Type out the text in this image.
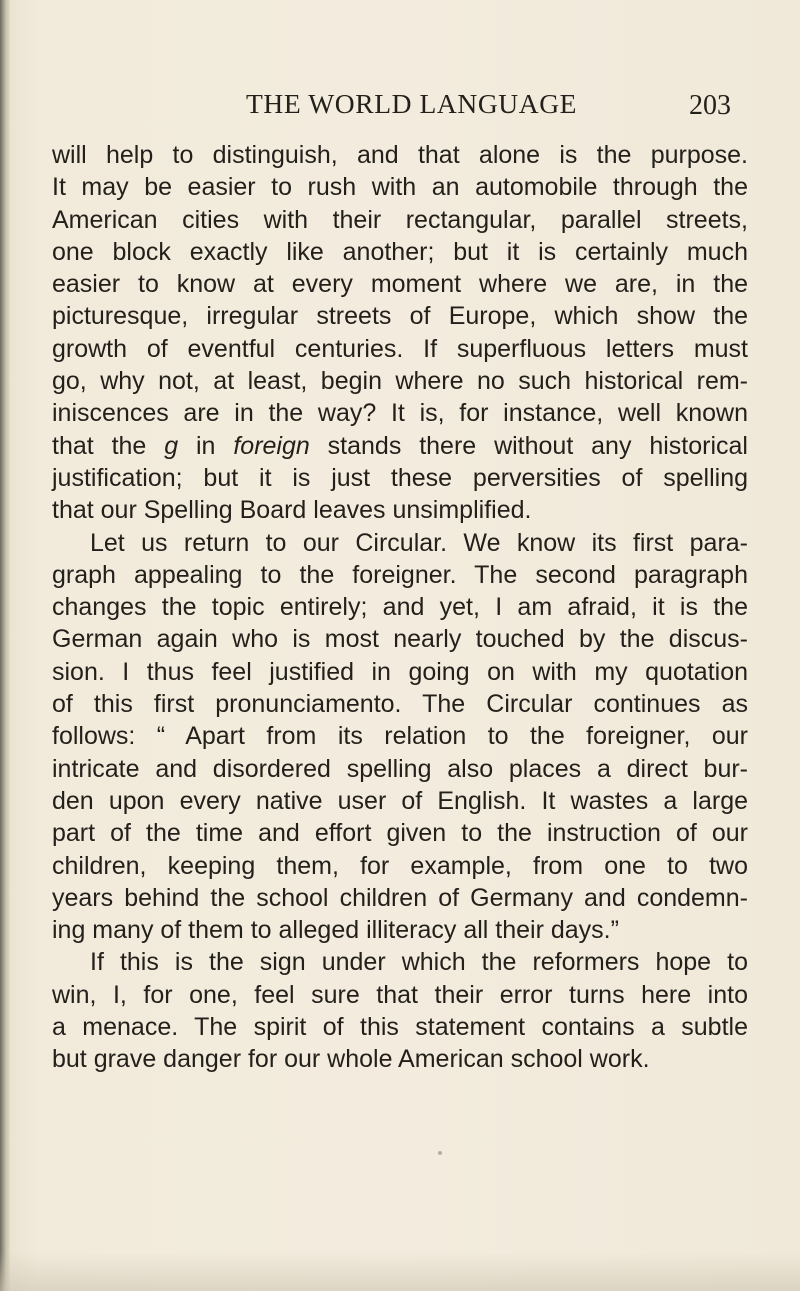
THE WORLD LANGUAGE	203
will help to distinguish, and that alone is the purpose.
It may be easier to rush with an automobile through the
American cities with their rectangular, parallel streets,
one block exactly like another; but it is certainly much
easier to know at every moment where we are, in the
picturesque, irregular streets of Europe, which show the
growth of eventful centuries. If superfluous letters must
go, why not, at least, begin where no such historical rem-
iniscences are in the way? It is, for instance, well known
that the g in foreign stands there without any historical
justification; but it is just these perversities of spelling
that our Spelling Board leaves unsimplified.
Let us return to our Circular. We know its first para-
graph appealing to the foreigner. The second paragraph
changes the topic entirely; and yet, I am afraid, it is the
German again who is most nearly touched by the discus-
sion. I thus feel justified in going on with my quotation
of this first pronunciamento. The Circular continues as
follows: “ Apart from its relation to the foreigner, our
intricate and disordered spelling also places a direct bur-
den upon every native user of English. It wastes a large
part of the time and effort given to the instruction of our
children, keeping them, for example, from one to two
years behind the school children of Germany and condemn-
ing many of them to alleged illiteracy all their days.”
If this is the sign under which the reformers hope to
win, I, for one, feel sure that their error turns here into
a menace. The spirit of this statement contains a subtle
but grave danger for our whole American school work.
